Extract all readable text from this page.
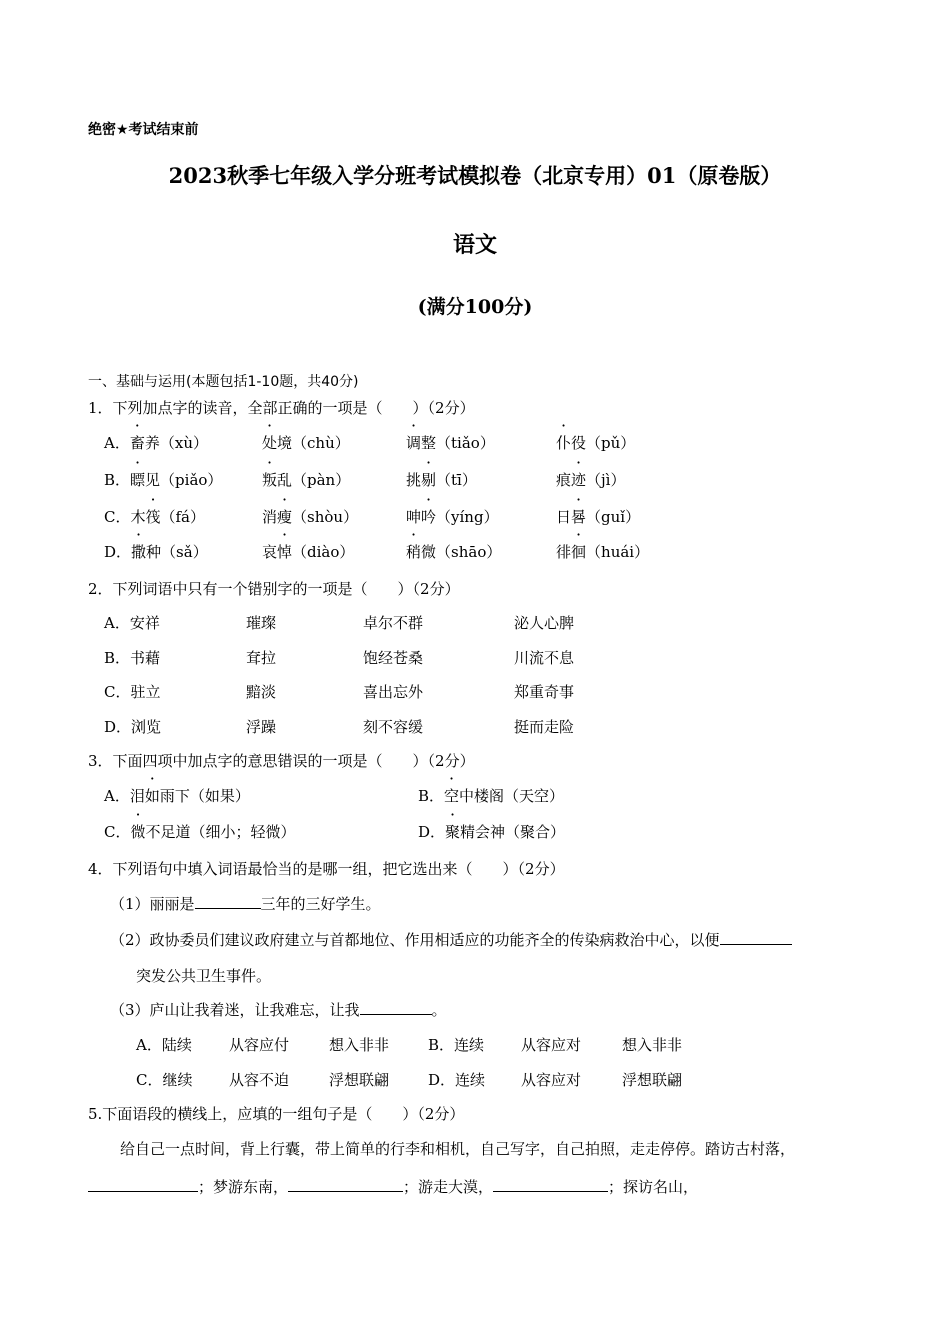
绝密★考试结束前
2023秋季七年级入学分班考试模拟卷（北京专用）01（原卷版）
语文
(满分100分)
一、基础与运用(本题包括1-10题，共40分)
1．下列加点字的读音，全部正确的一项是（　　）（2分）
A．畜养（xù）	处境（chù）	调整（tiǎo）	仆役（pǔ）
B．瞟见（piǎo）	叛乱（pàn）	挑剔（tī）	痕迹（jì）
C．木筏（fá）	消瘦（shòu）	呻吟（yíng）	日晷（guǐ）
D．撒种（sǎ）	哀悼（diào）	稍微（shāo）	徘徊（huái）
2．下列词语中只有一个错别字的一项是（　　）（2分）
A．安祥	璀璨	卓尔不群	泌人心脾
B．书藉	耷拉	饱经苍桑	川流不息
C．驻立	黯淡	喜出忘外	郑重奇事
D．浏览	浮躁	刻不容缓	挺而走险
3．下面四项中加点字的意思错误的一项是（　　）（2分）
A．泪如雨下（如果）	B．空中楼阁（天空）
C．微不足道（细小；轻微）	D．聚精会神（聚合）
4．下列语句中填入词语最恰当的是哪一组，把它选出来（　　）（2分）
（1）丽丽是	三年的三好学生。
（2）政协委员们建议政府建立与首都地位、作用相适应的功能齐全的传染病救治中心，以便
突发公共卫生事件。
（3）庐山让我着迷，让我难忘，让我	。
A．陆续 从容应付	想入非非	B．连续 从容应对	想入非非
C．继续 从容不迫	浮想联翩	D．连续 从容应对	浮想联翩
5.下面语段的横线上，应填的一组句子是（　　）（2分）
给自己一点时间，背上行囊，带上简单的行李和相机，自己写字，自己拍照，走走停停。踏访古村落，
；梦游东南，	；游走大漠，	；探访名山，
